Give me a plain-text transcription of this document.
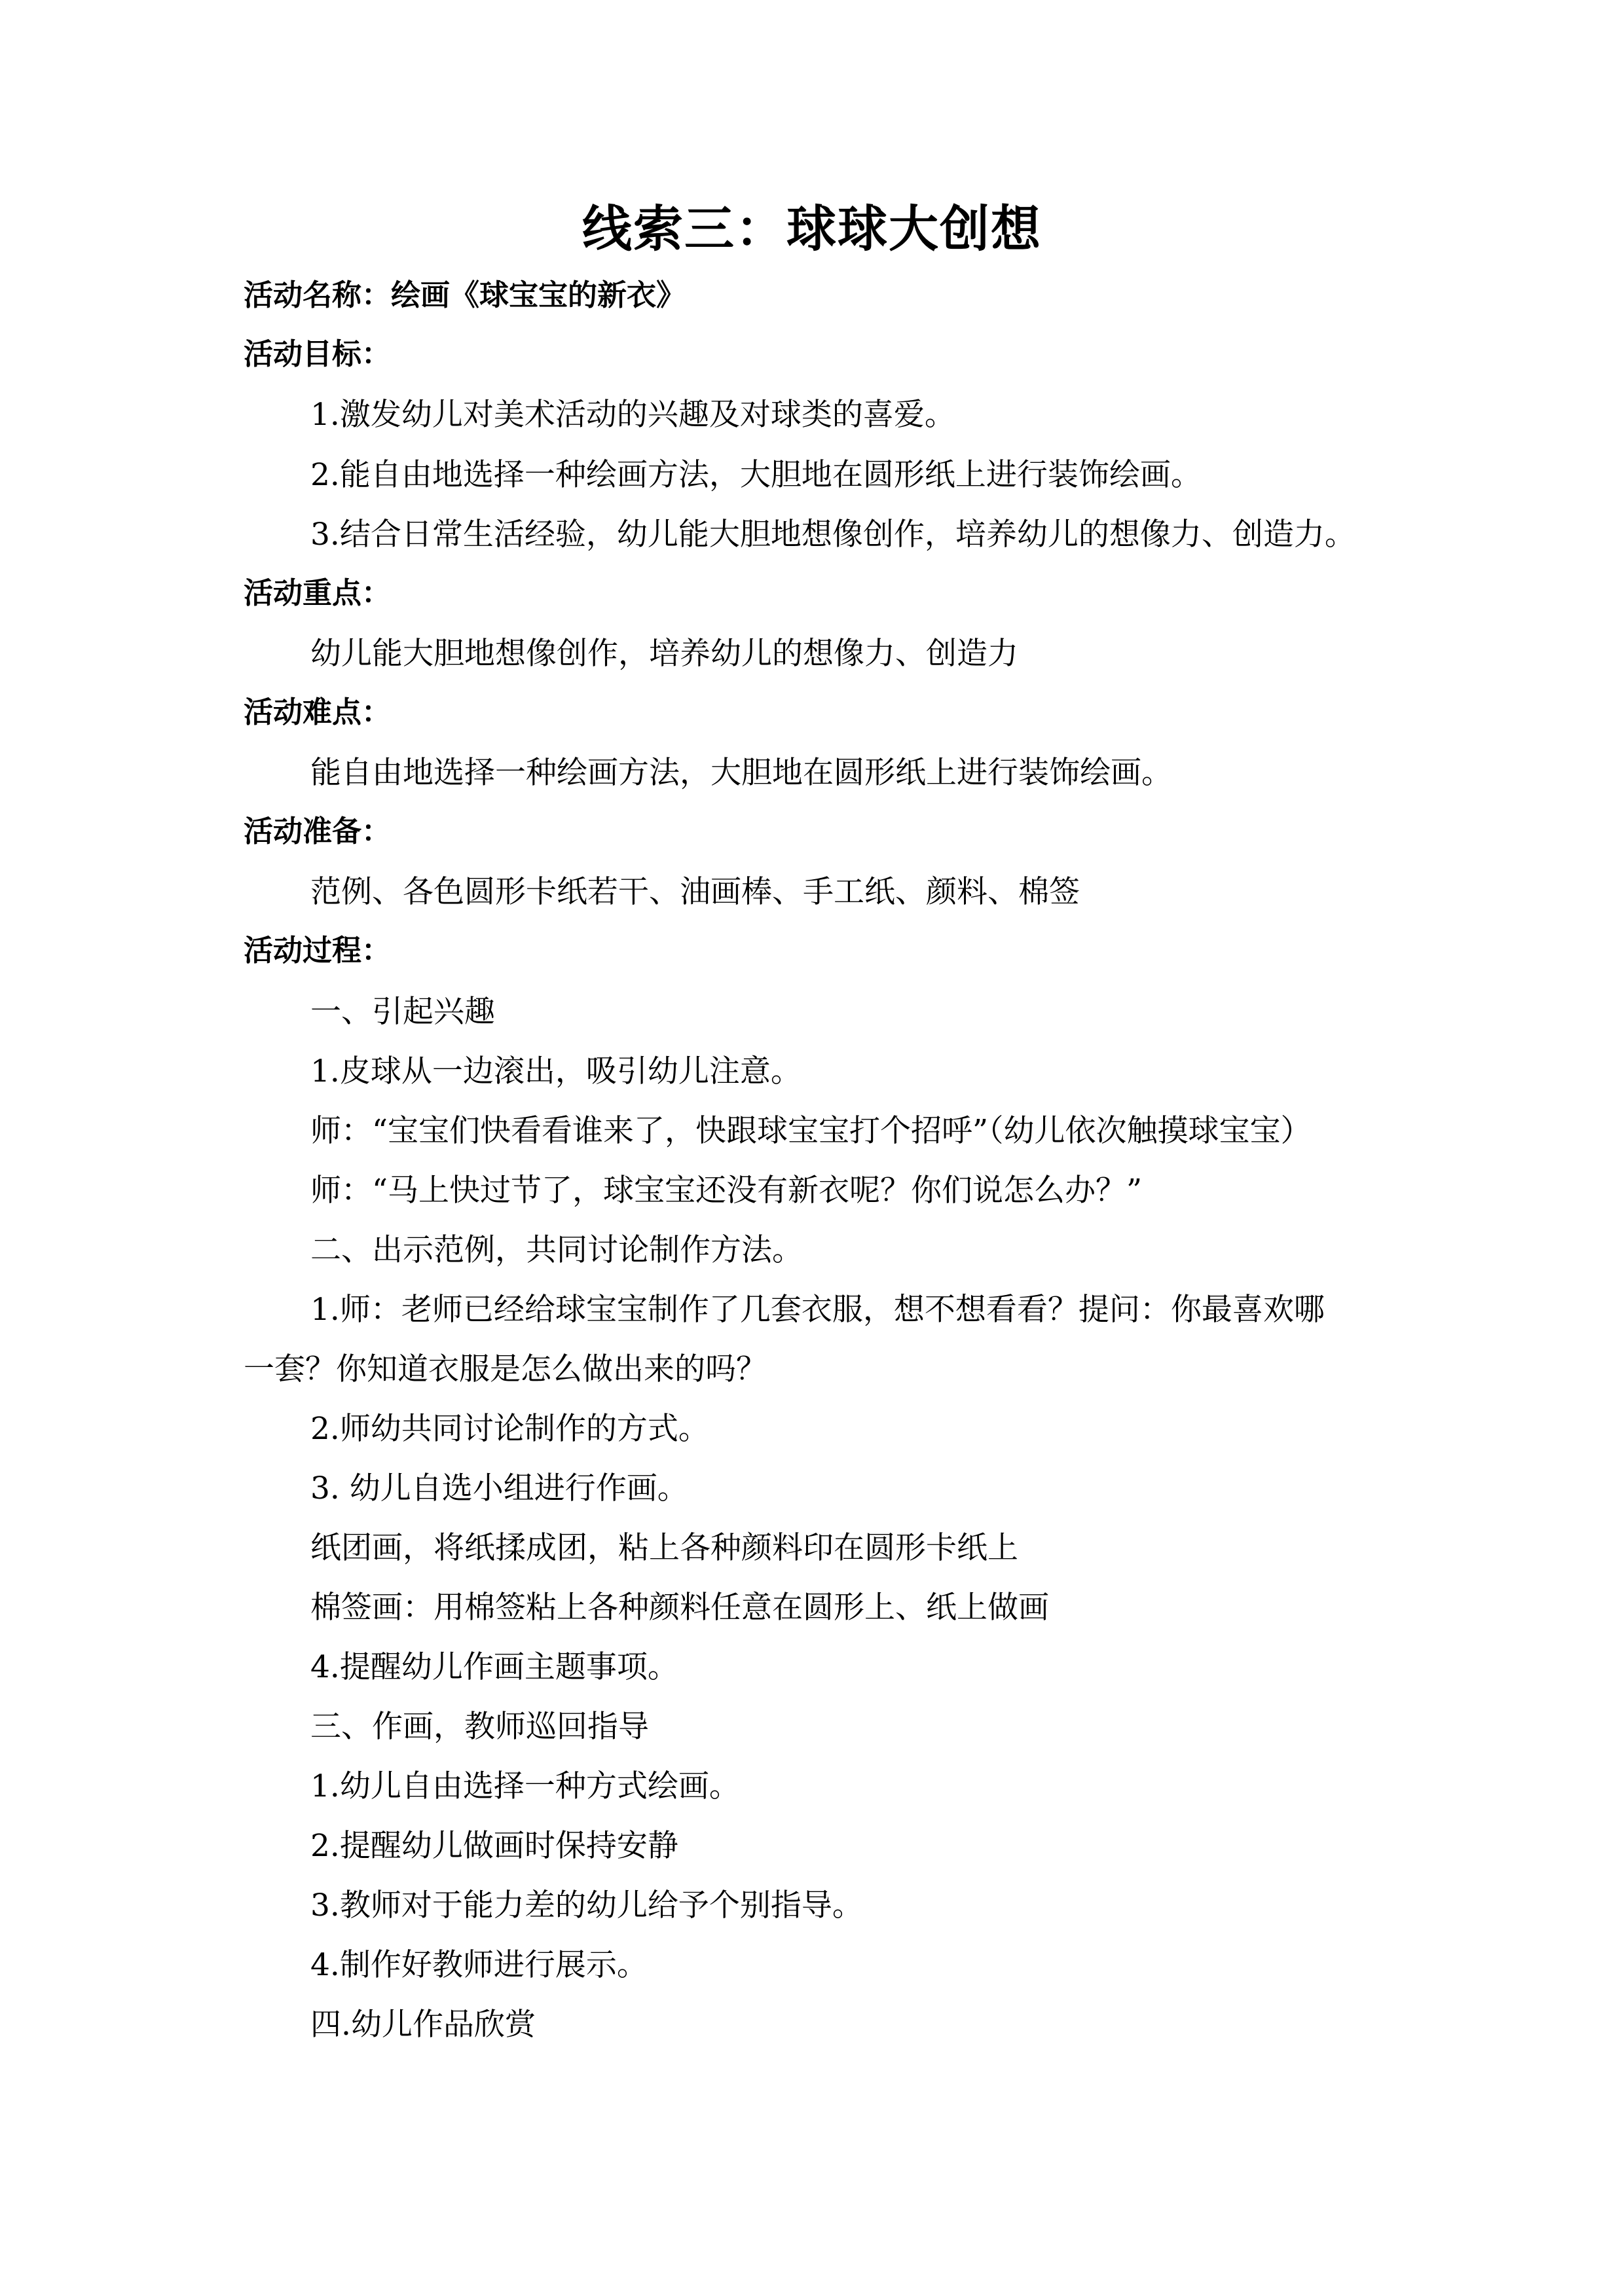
线索三：球球大创想
活动名称：绘画《球宝宝的新衣》
活动目标：
1.激发幼儿对美术活动的兴趣及对球类的喜爱。
2.能自由地选择一种绘画方法，大胆地在圆形纸上进行装饰绘画。
3.结合日常生活经验，幼儿能大胆地想像创作，培养幼儿的想像力、创造力。
活动重点：
幼儿能大胆地想像创作，培养幼儿的想像力、创造力
活动难点：
能自由地选择一种绘画方法，大胆地在圆形纸上进行装饰绘画。
活动准备：
范例、各色圆形卡纸若干、油画棒、手工纸、颜料、棉签
活动过程：
一、引起兴趣
1.皮球从一边滚出，吸引幼儿注意。
师：“宝宝们快看看谁来了，快跟球宝宝打个招呼”（幼儿依次触摸球宝宝）
师：“马上快过节了，球宝宝还没有新衣呢？你们说怎么办？”
二、出示范例，共同讨论制作方法。
1.师：老师已经给球宝宝制作了几套衣服，想不想看看？提问：你最喜欢哪
一套？你知道衣服是怎么做出来的吗？
2.师幼共同讨论制作的方式。
3. 幼儿自选小组进行作画。
纸团画，将纸揉成团，粘上各种颜料印在圆形卡纸上
棉签画：用棉签粘上各种颜料任意在圆形上、纸上做画
4.提醒幼儿作画主题事项。
三、作画，教师巡回指导
1.幼儿自由选择一种方式绘画。
2.提醒幼儿做画时保持安静
3.教师对于能力差的幼儿给予个别指导。
4.制作好教师进行展示。
四.幼儿作品欣赏
